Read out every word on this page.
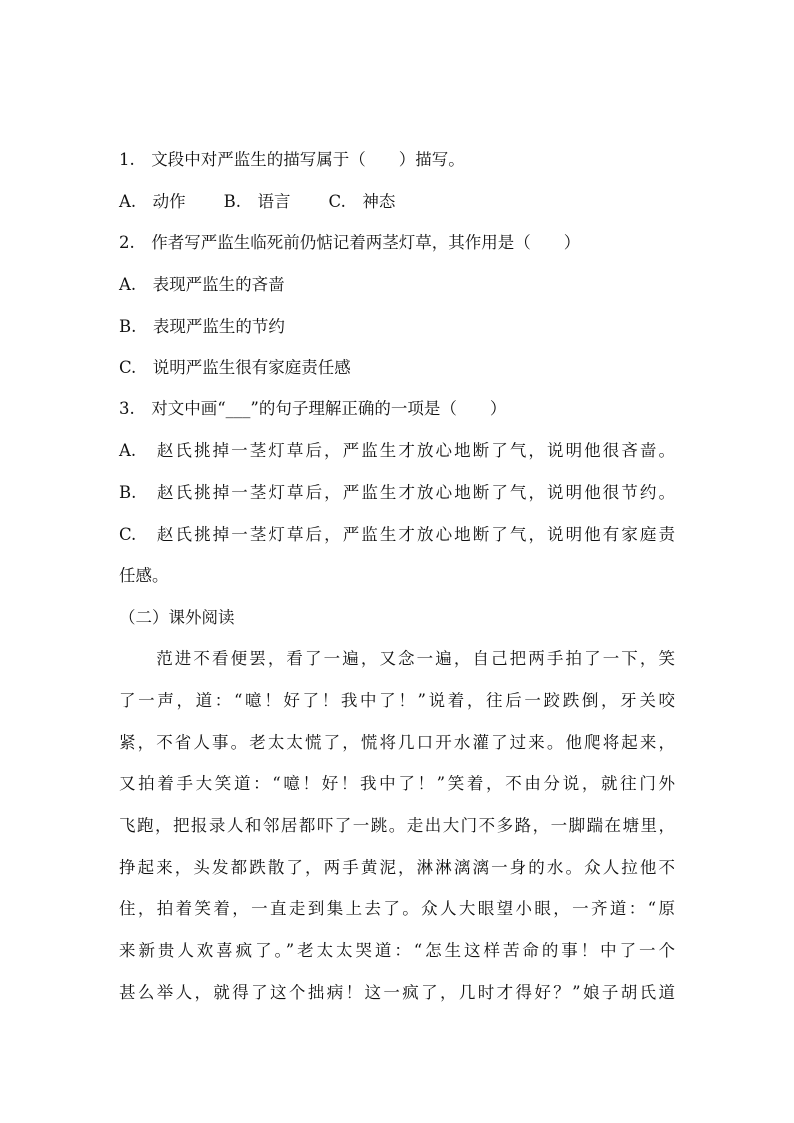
1.　文段中对严监生的描写属于（　　）描写。
A.　动作 B.　语言 C.　神态
2.　作者写严监生临死前仍惦记着两茎灯草，其作用是（　　）
A.　表现严监生的吝啬
B.　表现严监生的节约
C.　说明严监生很有家庭责任感
3.　对文中画“___”的句子理解正确的一项是（　　）
A.　赵氏挑掉一茎灯草后，严监生才放心地断了气，说明他很吝啬。
B.　赵氏挑掉一茎灯草后，严监生才放心地断了气，说明他很节约。
C.　赵氏挑掉一茎灯草后，严监生才放心地断了气，说明他有家庭责
任感。
（二）课外阅读
　　范进不看便罢，看了一遍，又念一遍，自己把两手拍了一下，笑
了一声，道：“噫！好了！我中了！”说着，往后一跤跌倒，牙关咬
紧，不省人事。老太太慌了，慌将几口开水灌了过来。他爬将起来，
又拍着手大笑道：“噫！好！我中了！”笑着，不由分说，就往门外
飞跑，把报录人和邻居都吓了一跳。走出大门不多路，一脚踹在塘里，
挣起来，头发都跌散了，两手黄泥，淋淋漓漓一身的水。众人拉他不
住，拍着笑着，一直走到集上去了。众人大眼望小眼，一齐道：“原
来新贵人欢喜疯了。”老太太哭道：“怎生这样苦命的事！中了一个
甚么举人，就得了这个拙病！这一疯了，几时才得好？”娘子胡氏道
